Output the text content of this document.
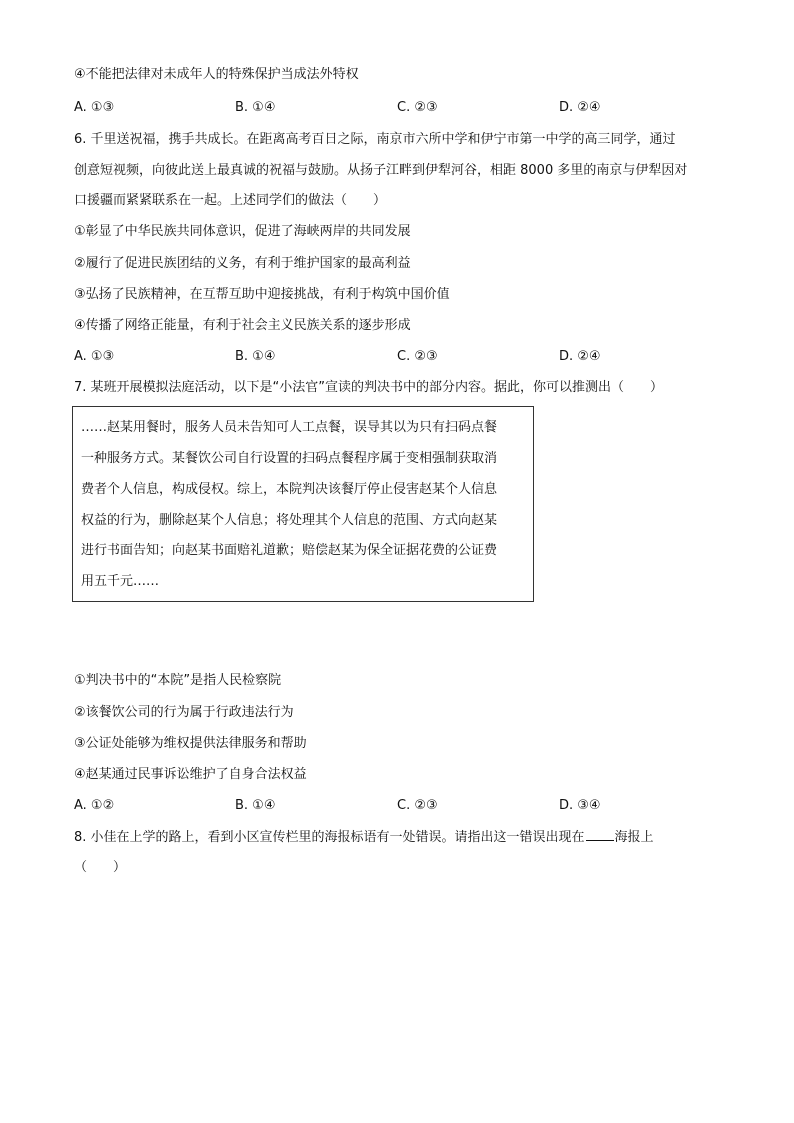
④不能把法律对未成年人的特殊保护当成法外特权
A. ①③	B. ①④	C. ②③	D. ②④
6. 千里送祝福，携手共成长。在距离高考百日之际，南京市六所中学和伊宁市第一中学的高三同学，通过
创意短视频，向彼此送上最真诚的祝福与鼓励。从扬子江畔到伊犁河谷，相距 8000 多里的南京与伊犁因对
口援疆而紧紧联系在一起。上述同学们的做法（　　）
①彰显了中华民族共同体意识，促进了海峡两岸的共同发展
②履行了促进民族团结的义务，有利于维护国家的最高利益
③弘扬了民族精神，在互帮互助中迎接挑战，有利于构筑中国价值
④传播了网络正能量，有利于社会主义民族关系的逐步形成
A. ①③	B. ①④	C. ②③	D. ②④
7. 某班开展模拟法庭活动，以下是“小法官”宣读的判决书中的部分内容。据此，你可以推测出（　　）
……赵某用餐时，服务人员未告知可人工点餐，误导其以为只有扫码点餐
一种服务方式。某餐饮公司自行设置的扫码点餐程序属于变相强制获取消
费者个人信息，构成侵权。综上，本院判决该餐厅停止侵害赵某个人信息
权益的行为，删除赵某个人信息；将处理其个人信息的范围、方式向赵某
进行书面告知；向赵某书面赔礼道歉；赔偿赵某为保全证据花费的公证费
用五千元……
①判决书中的“本院”是指人民检察院
②该餐饮公司的行为属于行政违法行为
③公证处能够为维权提供法律服务和帮助
④赵某通过民事诉讼维护了自身合法权益
A. ①②	B. ①④	C. ②③	D. ③④
8. 小佳在上学的路上，看到小区宣传栏里的海报标语有一处错误。请指出这一错误出现在 海报上
（　　）
